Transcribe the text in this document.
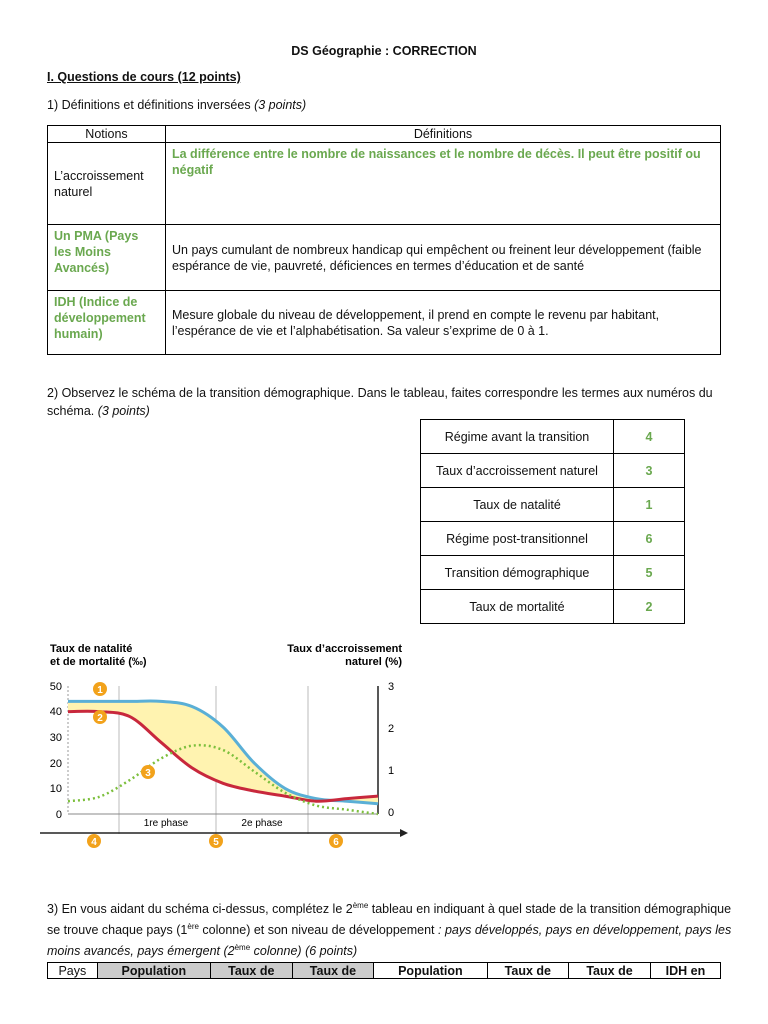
DS Géographie : CORRECTION
I. Questions de cours (12 points)
1) Définitions et définitions inversées (3 points)
Notions	Définitions
L’accroissement naturel	La différence entre le nombre de naissances et le nombre de décès. Il peut être positif ou négatif
Un PMA (Pays les Moins Avancés)	Un pays cumulant de nombreux handicap qui empêchent ou freinent leur développement (faible espérance de vie, pauvreté, déficiences en termes d’éducation et de santé
IDH (Indice de développement humain)	Mesure globale du niveau de développement, il prend en compte le revenu par habitant, l’espérance de vie et l’alphabétisation. Sa valeur s’exprime de 0 à 1.
2) Observez le schéma de la transition démographique. Dans le tableau, faites correspondre les termes aux numéros du schéma. (3 points)
Régime avant la transition	4
Taux d’accroissement naturel	3
Taux de natalité	1
Régime post-transitionnel	6
Transition démographique	5
Taux de mortalité	2
Taux de natalité
et de mortalité (‰)
Taux d’accroissement
naturel (%)
50
40
30
20
10
0
3
2
1
0
1
2
3
1re phase	2e phase
4	5	6
3) En vous aidant du schéma ci-dessus, complétez le 2ème tableau en indiquant à quel stade de la transition démographique se trouve chaque pays (1ère colonne) et son niveau de développement : pays développés, pays en développement, pays les moins avancés, pays émergent (2ème colonne) (6 points)
Pays	Population	Taux de	Taux de	Population	Taux de	Taux de	IDH en
